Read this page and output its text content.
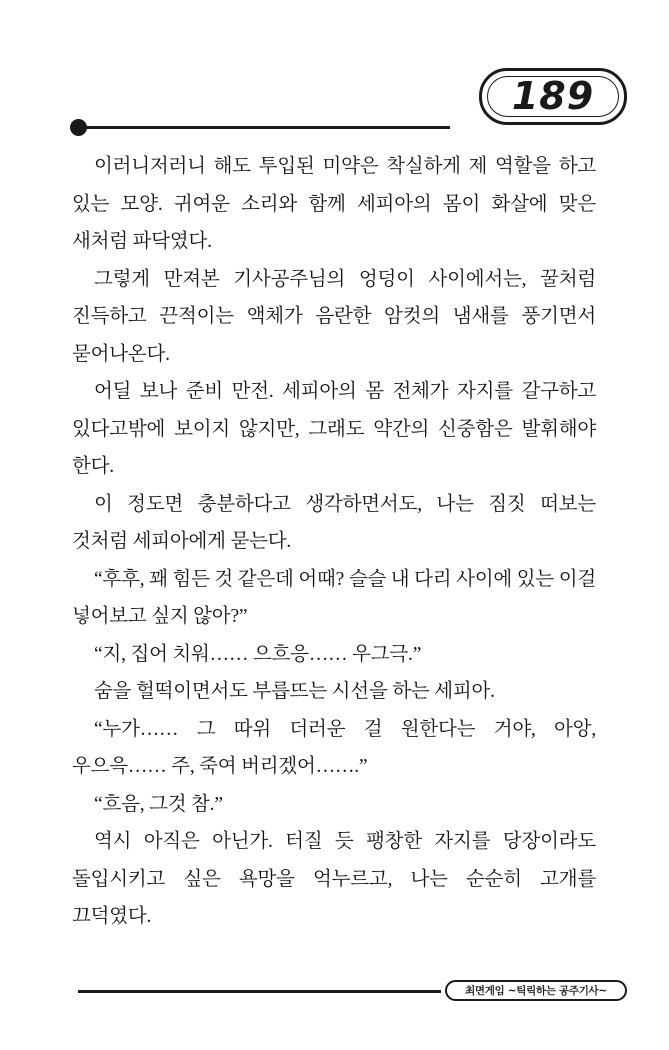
189

이러니저러니 해도 투입된 미약은 착실하게 제 역할을 하고 있는 모양. 귀여운 소리와 함께 세피아의 몸이 화살에 맞은 새처럼 파닥였다.

그렇게 만져본 기사공주님의 엉덩이 사이에서는, 꿀처럼 진득하고 끈적이는 액체가 음란한 암컷의 냄새를 풍기면서 묻어나온다.

어딜 보나 준비 만전. 세피아의 몸 전체가 자지를 갈구하고 있다고밖에 보이지 않지만, 그래도 약간의 신중함은 발휘해야 한다.

이 정도면 충분하다고 생각하면서도, 나는 짐짓 떠보는 것처럼 세피아에게 묻는다.

“후후, 꽤 힘든 것 같은데 어때? 슬슬 내 다리 사이에 있는 이걸 넣어보고 싶지 않아?”

“지, 집어 치워…… 으흐응…… 우그극.”

숨을 헐떡이면서도 부릅뜨는 시선을 하는 세피아.

“누가…… 그 따위 더러운 걸 원한다는 거야, 아앙, 우으윽…… 주, 죽여 버리겠어…….”

“흐음, 그것 참.”

역시 아직은 아닌가. 터질 듯 팽창한 자지를 당장이라도 돌입시키고 싶은 욕망을 억누르고, 나는 순순히 고개를 끄덕였다.

최면게임 ~틱릭하는 공주기사~
